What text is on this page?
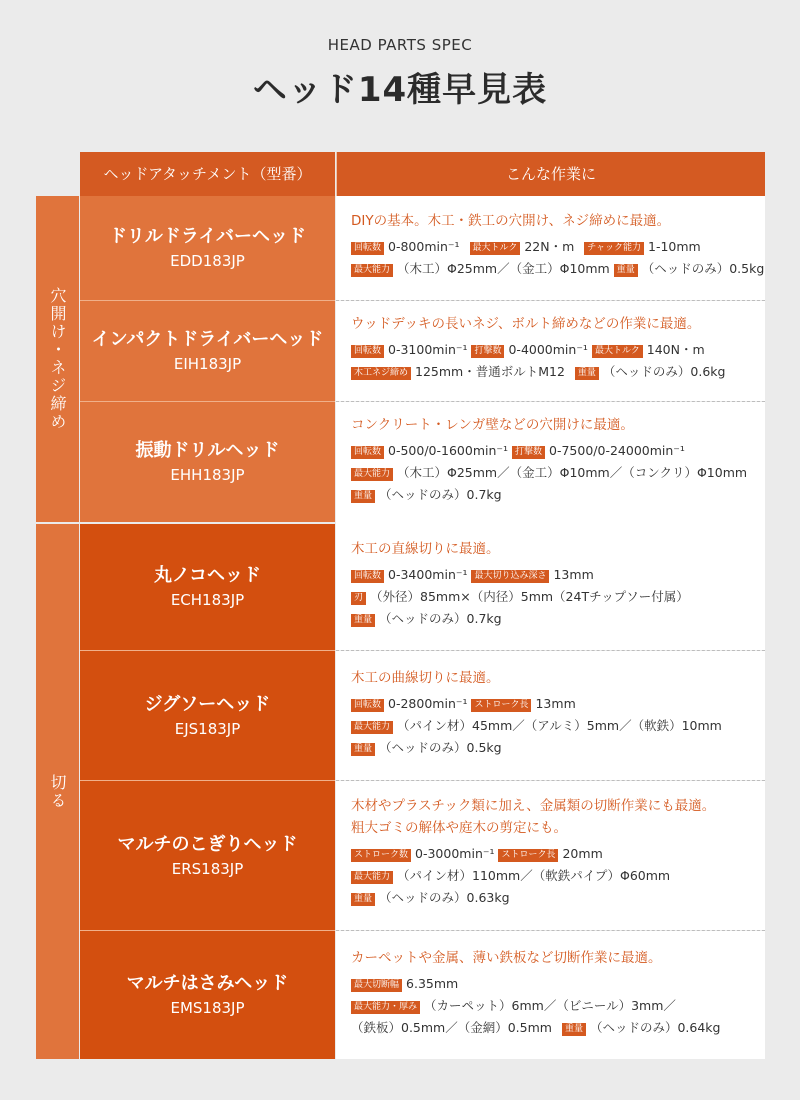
HEAD PARTS SPEC
ヘッド14種早見表
ヘッドアタッチメント（型番）	こんな作業に
穴開け・ネジ締め
切る
ドリルドライバーヘッド
EDD183JP
DIYの基本。木工・鉄工の穴開け、ネジ締めに最適。
回転数 0-800min⁻¹ 最大トルク 22N・m チャック能力 1-10mm
最大能力 （木工）Φ25mm／（金工）Φ10mm 重量 （ヘッドのみ）0.5kg
インパクトドライバーヘッド
EIH183JP
ウッドデッキの長いネジ、ボルト締めなどの作業に最適。
回転数 0-3100min⁻¹ 打撃数 0-4000min⁻¹ 最大トルク 140N・m
木工ネジ締め 125mm・普通ボルトM12 重量 （ヘッドのみ）0.6kg
振動ドリルヘッド
EHH183JP
コンクリート・レンガ壁などの穴開けに最適。
回転数 0-500/0-1600min⁻¹ 打撃数 0-7500/0-24000min⁻¹
最大能力 （木工）Φ25mm／（金工）Φ10mm／（コンクリ）Φ10mm
重量 （ヘッドのみ）0.7kg
丸ノコヘッド
ECH183JP
木工の直線切りに最適。
回転数 0-3400min⁻¹ 最大切り込み深さ 13mm
刃 （外径）85mm×（内径）5mm（24Tチップソー付属）
重量 （ヘッドのみ）0.7kg
ジグソーヘッド
EJS183JP
木工の曲線切りに最適。
回転数 0-2800min⁻¹ ストローク長 13mm
最大能力 （パイン材）45mm／（アルミ）5mm／（軟鉄）10mm
重量 （ヘッドのみ）0.5kg
マルチのこぎりヘッド
ERS183JP
木材やプラスチック類に加え、金属類の切断作業にも最適。
粗大ゴミの解体や庭木の剪定にも。
ストローク数 0-3000min⁻¹ ストローク長 20mm
最大能力 （パイン材）110mm／（軟鉄パイプ）Φ60mm
重量 （ヘッドのみ）0.63kg
マルチはさみヘッド
EMS183JP
カーペットや金属、薄い鉄板など切断作業に最適。
最大切断幅 6.35mm
最大能力・厚み （カーペット）6mm／（ビニール）3mm／
（鉄板）0.5mm／（金網）0.5mm 重量 （ヘッドのみ）0.64kg
